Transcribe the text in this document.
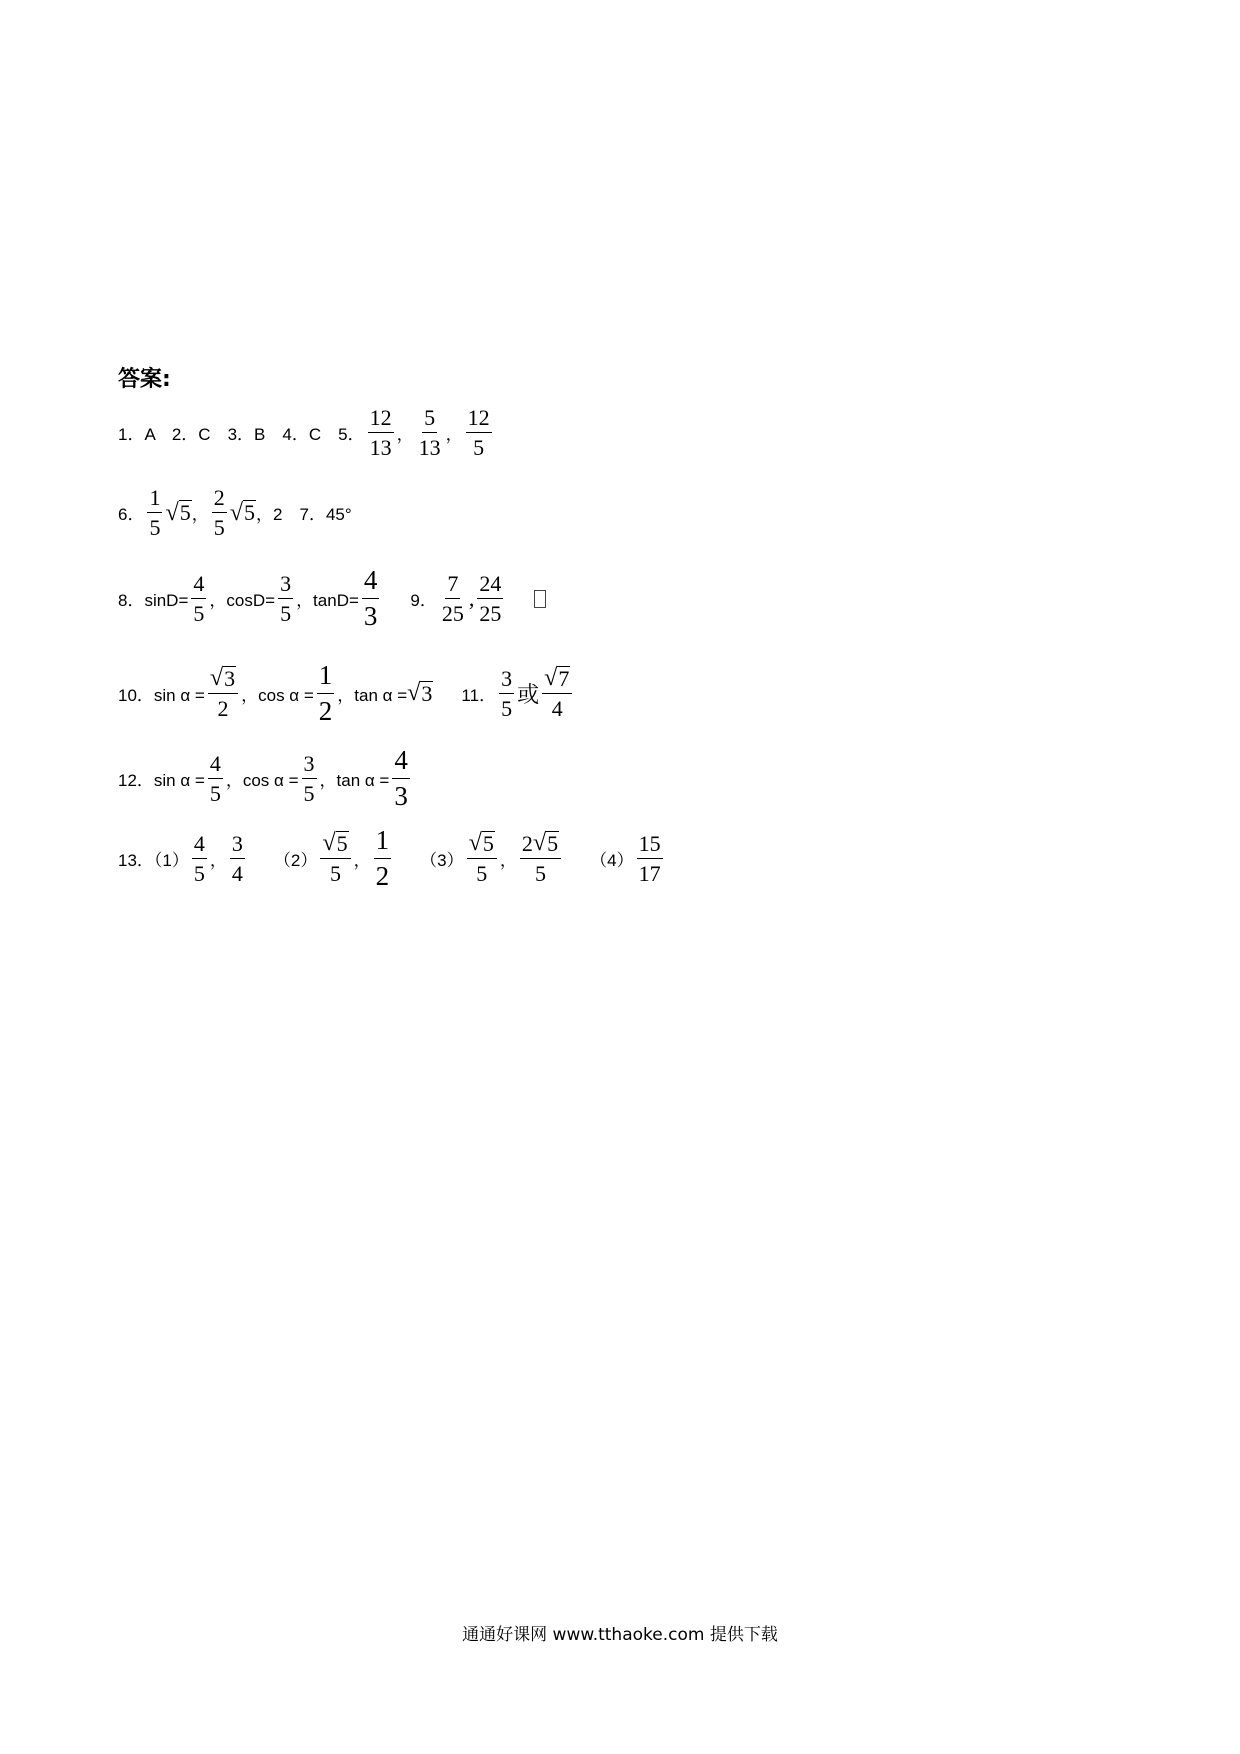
答案:
1．A　2．C　3．B　4．C　5． $\frac{12}{13}$ ， $\frac{5}{13}$ ， $\frac{12}{5}$
6． $\frac{1}{5}$ √ 5 ， $\frac{2}{5}$ √ 5 ，2　7．45°
8．$\sin D= \frac{4}{5}$ ，$\cos D= \frac{3}{5}$ ，$\tan D= \frac{4}{3} 9$． $\frac{7}{25}$ , $\frac{24}{25}$
10．$\sin \alpha = \frac{√ 3}{2}$ ，$\cos \alpha = \frac{1}{2}$ ，tan α = √ 3 11． $\frac{3}{5}$ 或 $\frac{√ 7}{4}$
12．$\sin \alpha = \frac{4}{5}$ ，$\cos \alpha = \frac{3}{5}$ ，$\tan \alpha = \frac{4}{3}$
13．$(1) \frac{4}{5}$ ， $\frac{3}{4} (2) \frac{√ 5}{5}$ ， $\frac{1}{2} (3) \frac{√ 5}{5}$ ， $\frac{2 √ 5}{5} (4) \frac{15}{17}$
通通好课网 www.tthaoke.com 提供下载
